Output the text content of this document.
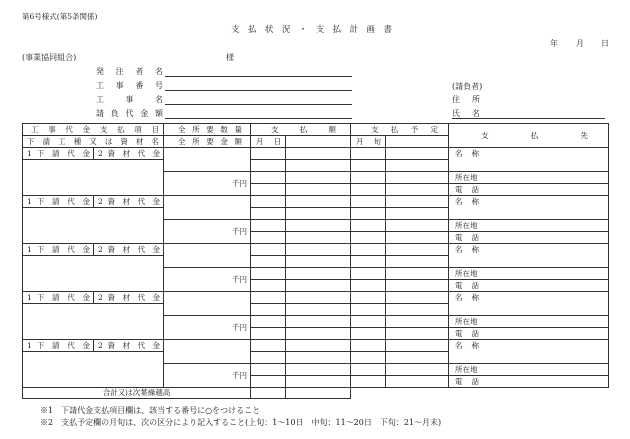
第6号様式(第5条関係)
支 払 状 況 ・ 支 払 計 画 書
年 月 日
(事業協同組合)	様
発 注 者 名
工 事 番 号
工 事 名
請 負 代 金 額
(請負者)
住 所
氏 名
工 事 代 金 支 払 項 目		全 所 要 数 量	支 払 額		支 払 予 定		支 払 先

下 請 工 種 又 は 資 材 名		全 所 要 金 額	月 日		月 旬		

1 下 請 代 金	2 資 材 代 金						名 称

		千円					所在地

							電 話

1 下 請 代 金	2 資 材 代 金						名 称

		千円					所在地

							電 話

1 下 請 代 金	2 資 材 代 金						名 称

		千円					所在地

							電 話

1 下 請 代 金	2 資 材 代 金						名 称

		千円					所在地

							電 話

1 下 請 代 金	2 資 材 代 金						名 称

		千円					所在地

							電 話

合計又は次葉繰越高							
※1　下請代金支払項目欄は、該当する番号に○をつけること
※2　支払予定欄の月旬は、次の区分により記入すること(上旬：1～10日　中旬：11～20日　下旬：21～月末)
